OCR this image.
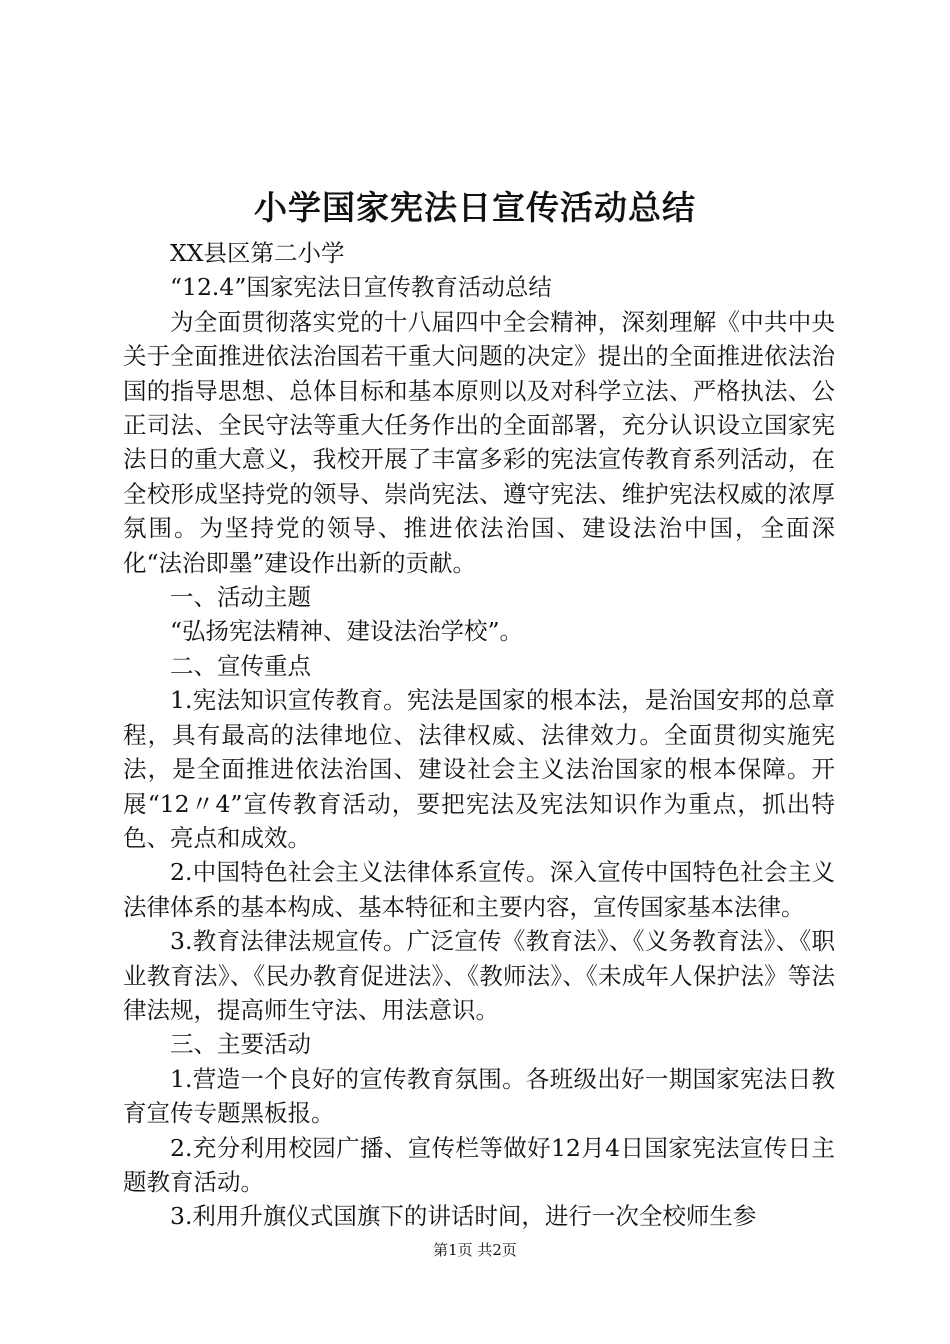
小学国家宪法日宣传活动总结

XX县区第二小学

“12.4”国家宪法日宣传教育活动总结

为全面贯彻落实党的十八届四中全会精神，深刻理解《中共中央关于全面推进依法治国若干重大问题的决定》提出的全面推进依法治国的指导思想、总体目标和基本原则以及对科学立法、严格执法、公正司法、全民守法等重大任务作出的全面部署，充分认识设立国家宪法日的重大意义，我校开展了丰富多彩的宪法宣传教育系列活动，在全校形成坚持党的领导、崇尚宪法、遵守宪法、维护宪法权威的浓厚氛围。为坚持党的领导、推进依法治国、建设法治中国，全面深化“法治即墨”建设作出新的贡献。

一、活动主题

“弘扬宪法精神、建设法治学校”。

二、宣传重点

1.宪法知识宣传教育。宪法是国家的根本法，是治国安邦的总章程，具有最高的法律地位、法律权威、法律效力。全面贯彻实施宪法，是全面推进依法治国、建设社会主义法治国家的根本保障。开展“12〃4”宣传教育活动，要把宪法及宪法知识作为重点，抓出特色、亮点和成效。

2.中国特色社会主义法律体系宣传。深入宣传中国特色社会主义法律体系的基本构成、基本特征和主要内容，宣传国家基本法律。

3.教育法律法规宣传。广泛宣传《教育法》、《义务教育法》、《职业教育法》、《民办教育促进法》、《教师法》、《未成年人保护法》等法律法规，提高师生守法、用法意识。

三、主要活动

1.营造一个良好的宣传教育氛围。各班级出好一期国家宪法日教育宣传专题黑板报。

2.充分利用校园广播、宣传栏等做好12月4日国家宪法宣传日主题教育活动。

3.利用升旗仪式国旗下的讲话时间，进行一次全校师生参

第1页 共2页
